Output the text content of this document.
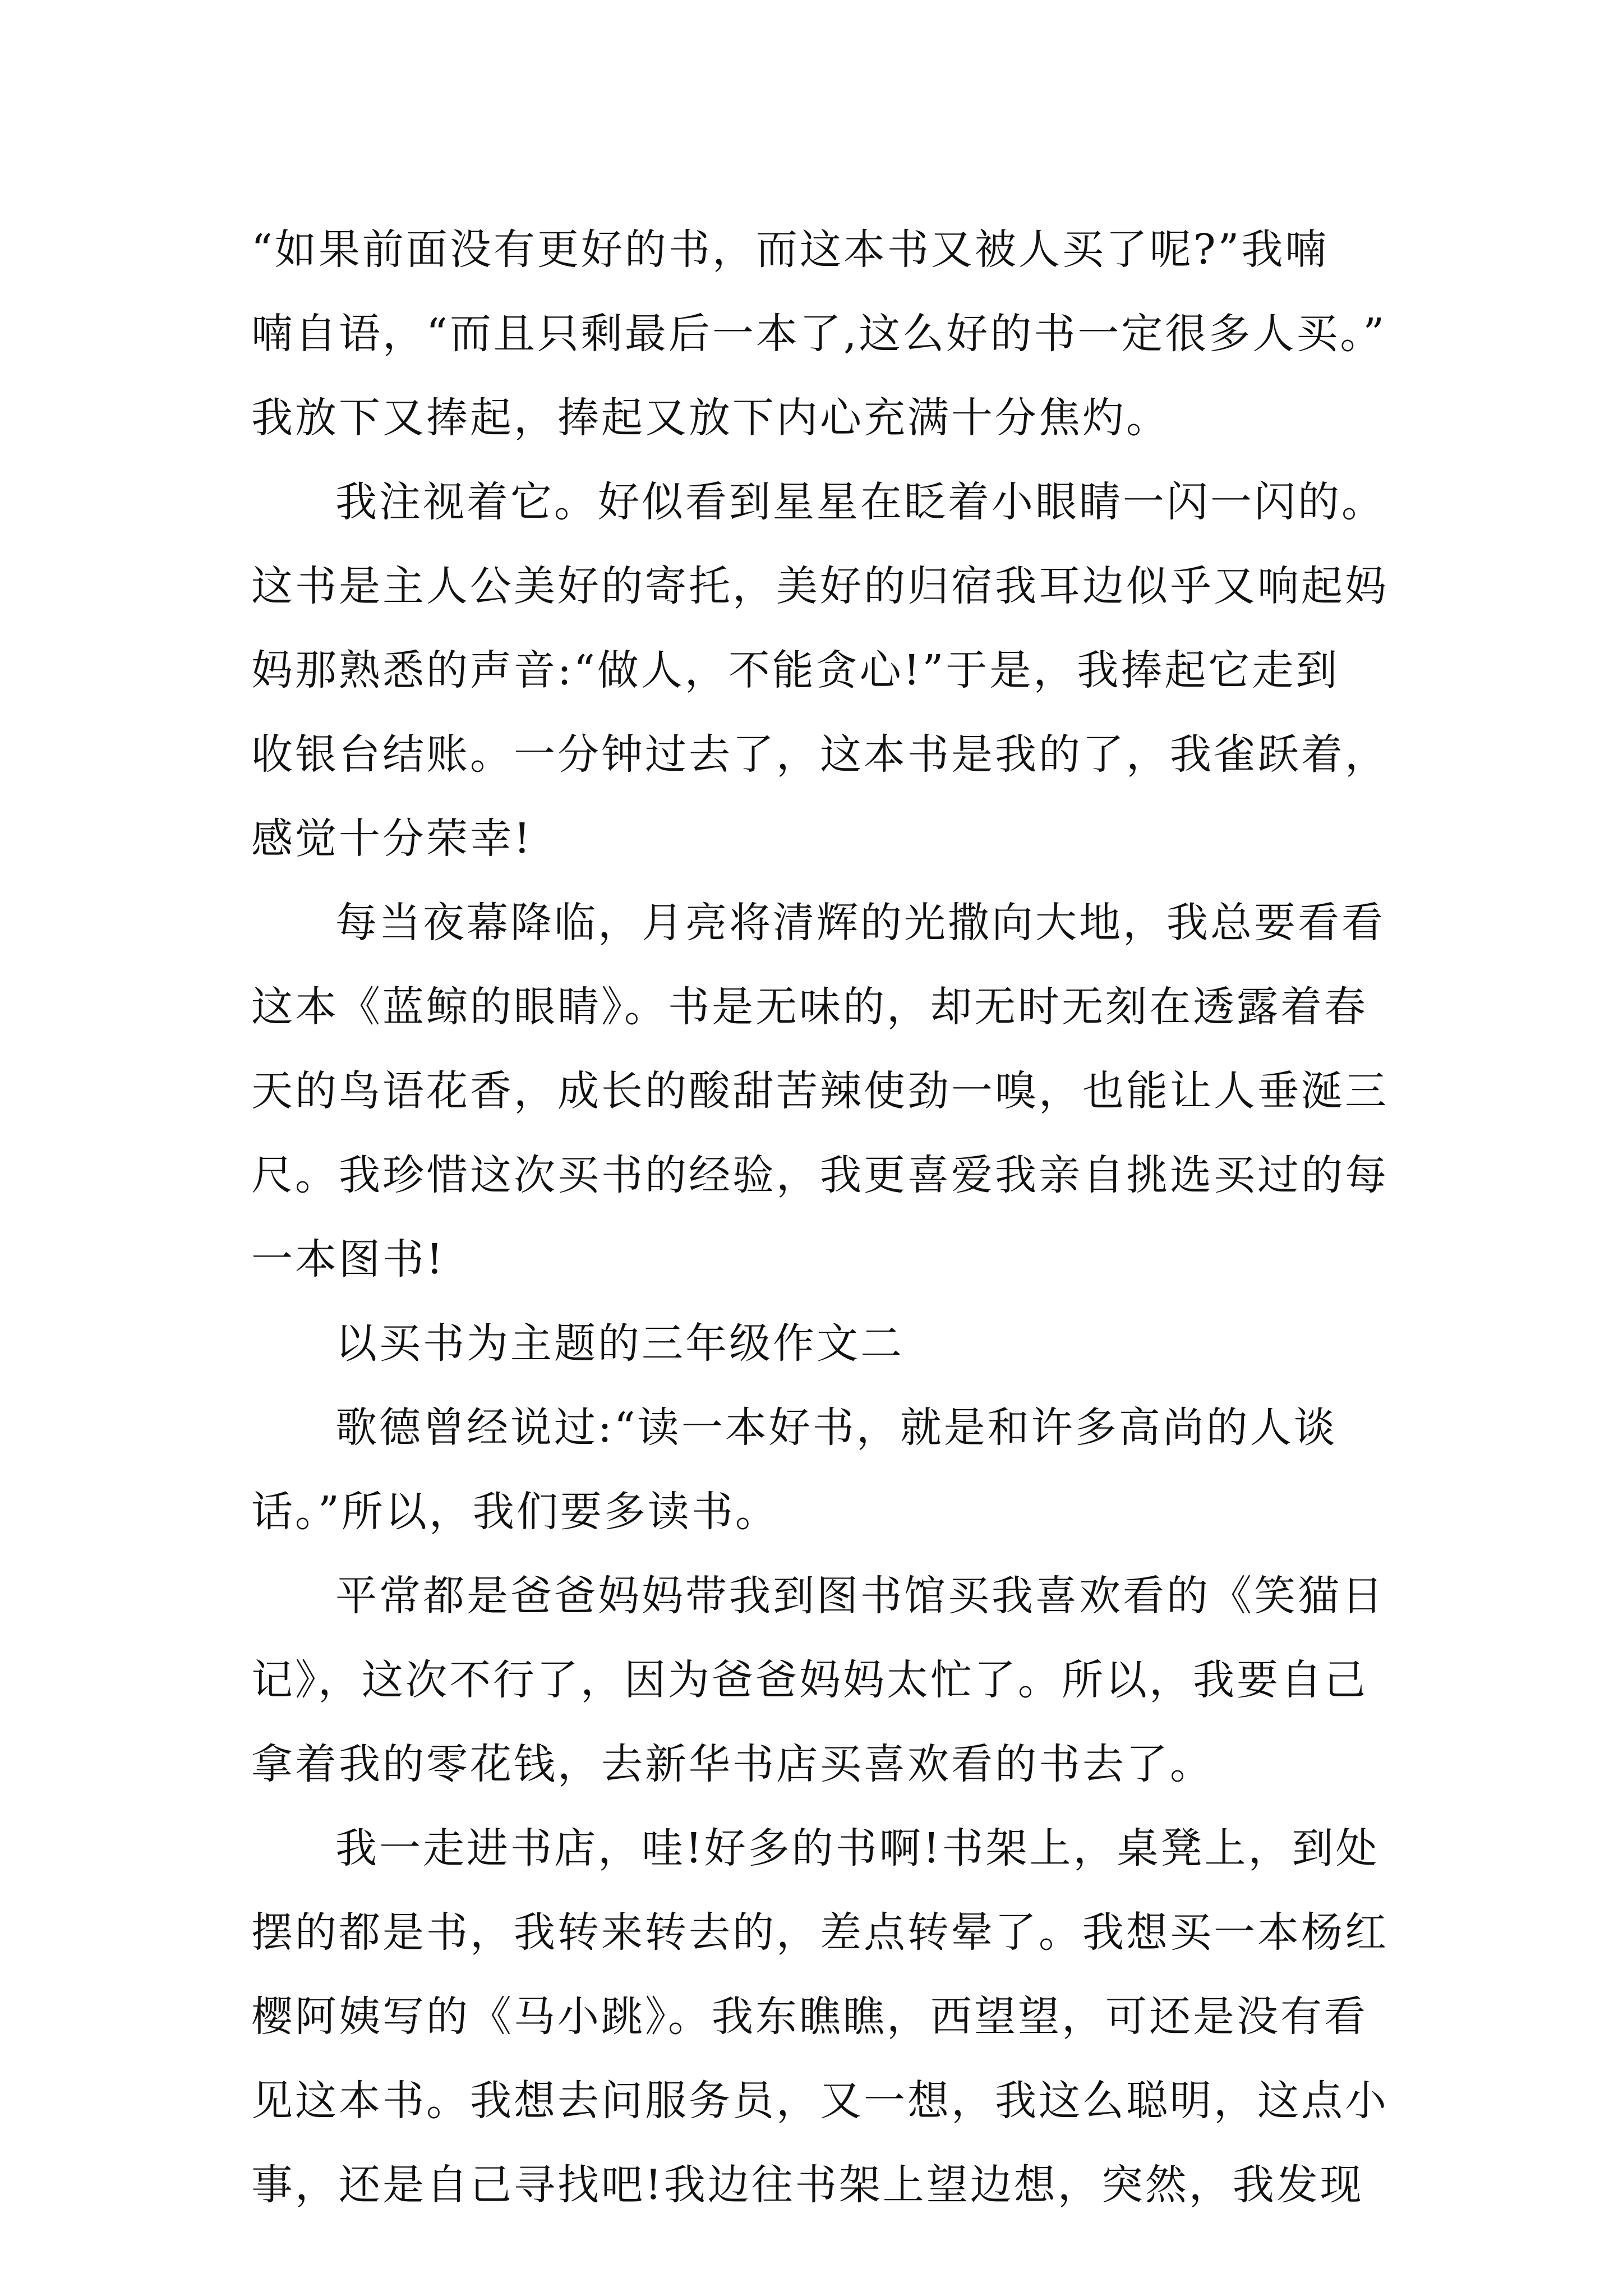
“如果前面没有更好的书，而这本书又被人买了呢?”我喃
喃自语，“而且只剩最后一本了,这么好的书一定很多人买。”
我放下又捧起，捧起又放下内心充满十分焦灼。
我注视着它。好似看到星星在眨着小眼睛一闪一闪的。
这书是主人公美好的寄托，美好的归宿我耳边似乎又响起妈
妈那熟悉的声音:“做人，不能贪心!”于是，我捧起它走到
收银台结账。一分钟过去了，这本书是我的了，我雀跃着，
感觉十分荣幸!
每当夜幕降临，月亮将清辉的光撒向大地，我总要看看
这本《蓝鲸的眼睛》。书是无味的，却无时无刻在透露着春
天的鸟语花香，成长的酸甜苦辣使劲一嗅，也能让人垂涎三
尺。我珍惜这次买书的经验，我更喜爱我亲自挑选买过的每
一本图书!
以买书为主题的三年级作文二
歌德曾经说过:“读一本好书，就是和许多高尚的人谈
话。”所以，我们要多读书。
平常都是爸爸妈妈带我到图书馆买我喜欢看的《笑猫日
记》，这次不行了，因为爸爸妈妈太忙了。所以，我要自己
拿着我的零花钱，去新华书店买喜欢看的书去了。
我一走进书店，哇!好多的书啊!书架上，桌凳上，到处
摆的都是书，我转来转去的，差点转晕了。我想买一本杨红
樱阿姨写的《马小跳》。我东瞧瞧，西望望，可还是没有看
见这本书。我想去问服务员，又一想，我这么聪明，这点小
事，还是自己寻找吧!我边往书架上望边想，突然，我发现
